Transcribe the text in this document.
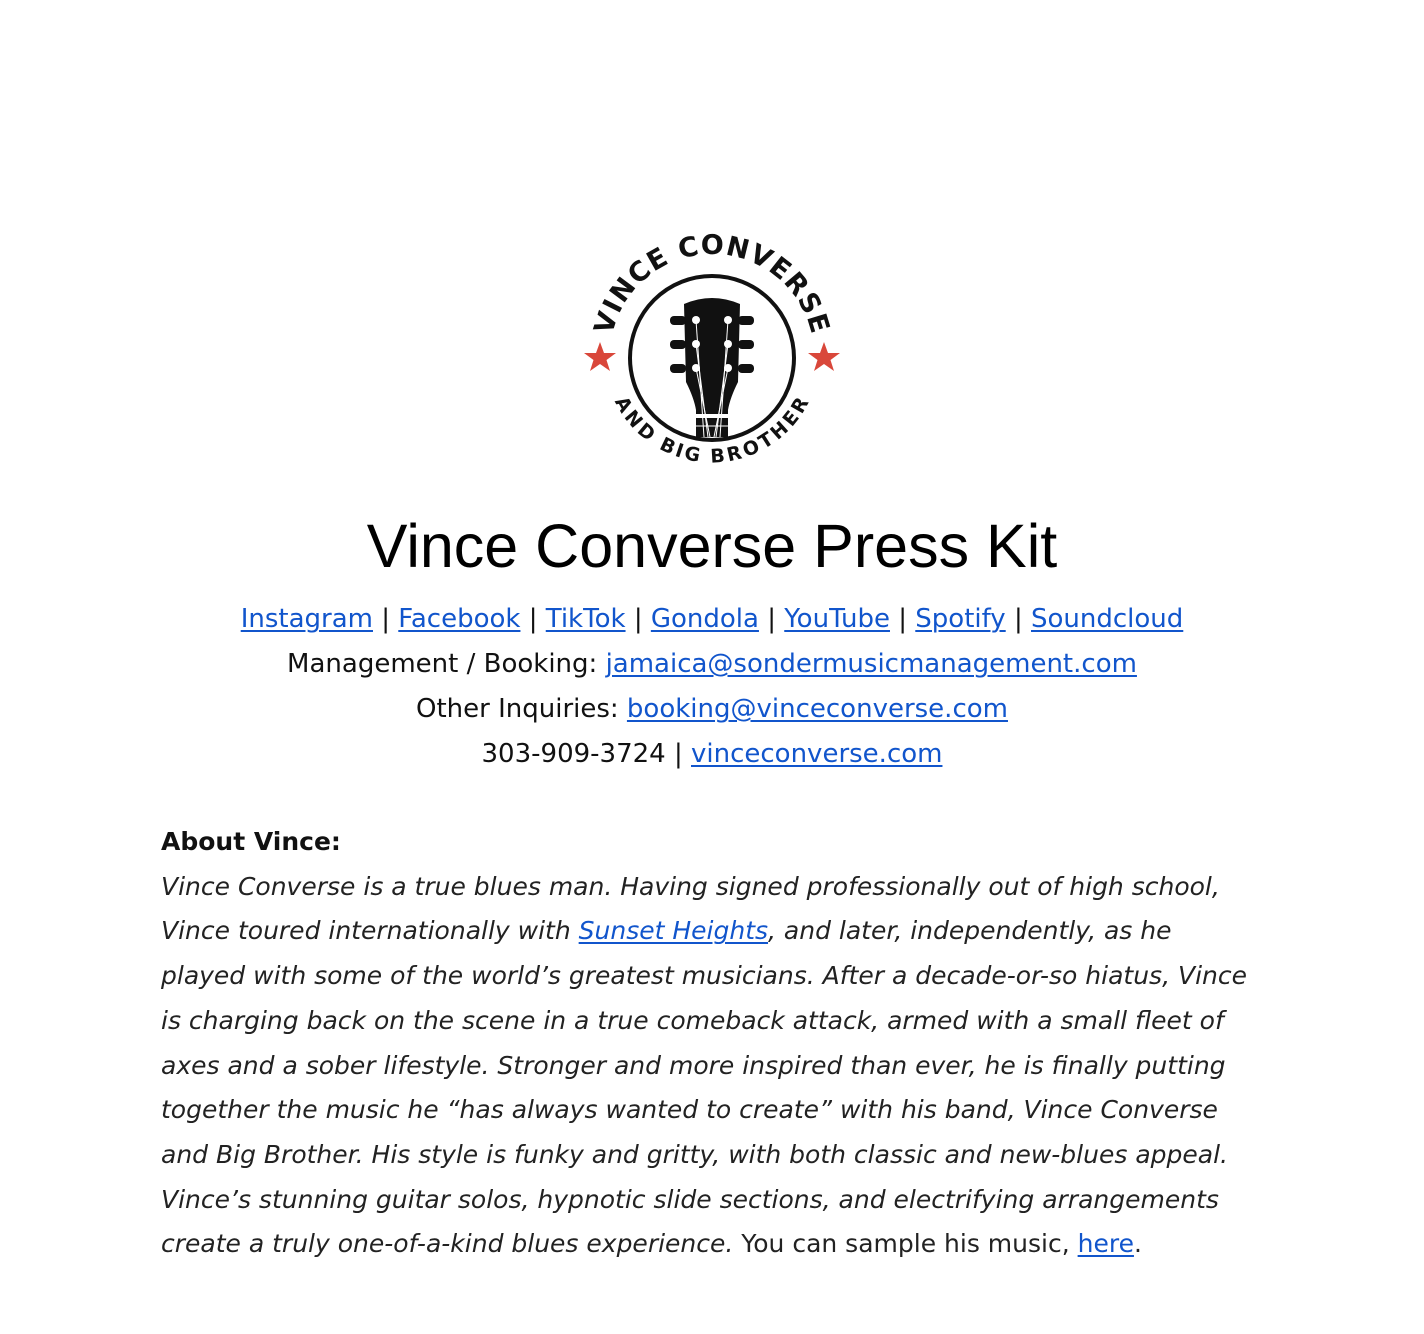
VINCE CONVERSE
AND BIG BROTHER
Vince Converse Press Kit
Instagram | Facebook | TikTok | Gondola | YouTube | Spotify | Soundcloud
Management / Booking: jamaica@sondermusicmanagement.com
Other Inquiries: booking@vinceconverse.com
303-909-3724 | vinceconverse.com
About Vince:
Vince Converse is a true blues man. Having signed professionally out of high school, Vince toured internationally with Sunset Heights, and later, independently, as he played with some of the world’s greatest musicians. After a decade-or-so hiatus, Vince is charging back on the scene in a true comeback attack, armed with a small fleet of axes and a sober lifestyle. Stronger and more inspired than ever, he is finally putting together the music he “has always wanted to create” with his band, Vince Converse and Big Brother. His style is funky and gritty, with both classic and new-blues appeal. Vince’s stunning guitar solos, hypnotic slide sections, and electrifying arrangements create a truly one-of-a-kind blues experience. You can sample his music, here.
